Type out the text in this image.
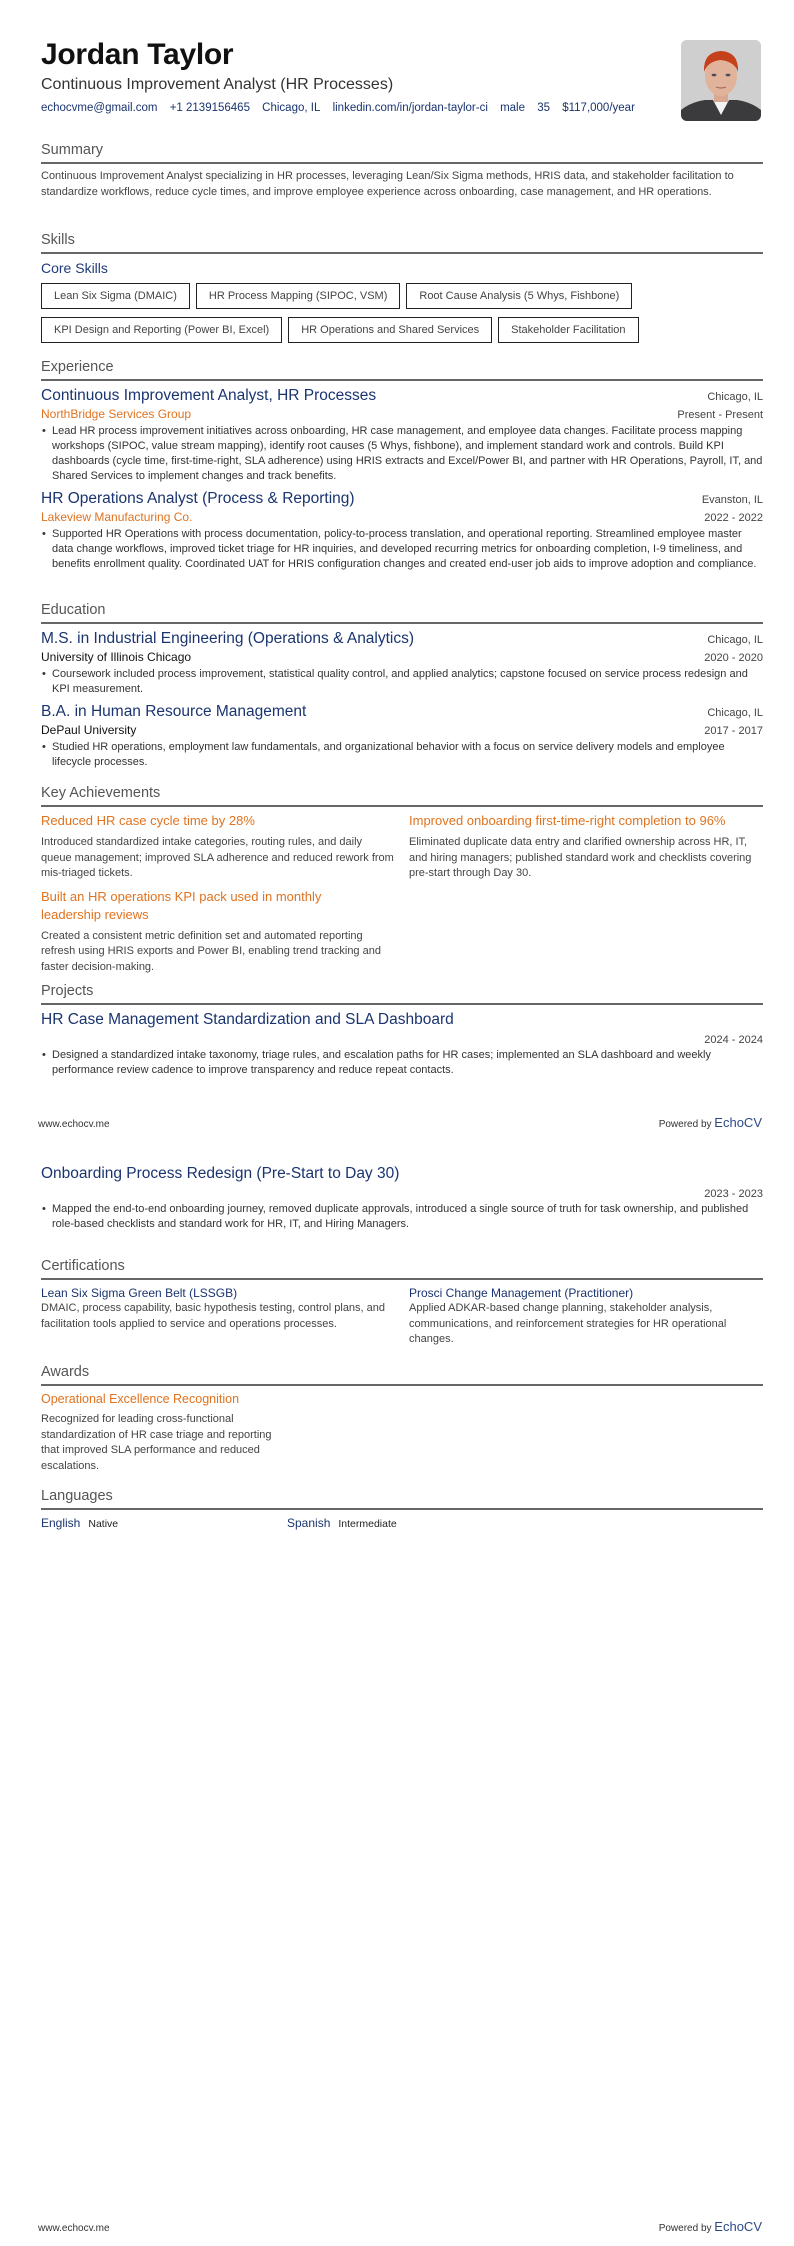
Jordan Taylor
Continuous Improvement Analyst (HR Processes)
echocvme@gmail.com +1 2139156465 Chicago, IL linkedin.com/in/jordan-taylor-ci male 35 $117,000/year
Summary
Continuous Improvement Analyst specializing in HR processes, leveraging Lean/Six Sigma methods, HRIS data, and stakeholder facilitation to standardize workflows, reduce cycle times, and improve employee experience across onboarding, case management, and HR operations.
Skills
Core Skills
Lean Six Sigma (DMAIC)	HR Process Mapping (SIPOC, VSM)	Root Cause Analysis (5 Whys, Fishbone)
KPI Design and Reporting (Power BI, Excel)	HR Operations and Shared Services	Stakeholder Facilitation
Experience
Continuous Improvement Analyst, HR Processes	Chicago, IL
NorthBridge Services Group	Present - Present
• Lead HR process improvement initiatives across onboarding, HR case management, and employee data changes. Facilitate process mapping workshops (SIPOC, value stream mapping), identify root causes (5 Whys, fishbone), and implement standard work and controls. Build KPI dashboards (cycle time, first-time-right, SLA adherence) using HRIS extracts and Excel/Power BI, and partner with HR Operations, Payroll, IT, and Shared Services to implement changes and track benefits.
HR Operations Analyst (Process & Reporting)	Evanston, IL
Lakeview Manufacturing Co.	2022 - 2022
• Supported HR Operations with process documentation, policy-to-process translation, and operational reporting. Streamlined employee master data change workflows, improved ticket triage for HR inquiries, and developed recurring metrics for onboarding completion, I-9 timeliness, and benefits enrollment quality. Coordinated UAT for HRIS configuration changes and created end-user job aids to improve adoption and compliance.
Education
M.S. in Industrial Engineering (Operations & Analytics)	Chicago, IL
University of Illinois Chicago	2020 - 2020
• Coursework included process improvement, statistical quality control, and applied analytics; capstone focused on service process redesign and KPI measurement.
B.A. in Human Resource Management	Chicago, IL
DePaul University	2017 - 2017
• Studied HR operations, employment law fundamentals, and organizational behavior with a focus on service delivery models and employee lifecycle processes.
Key Achievements
Reduced HR case cycle time by 28%
Introduced standardized intake categories, routing rules, and daily queue management; improved SLA adherence and reduced rework from mis-triaged tickets.
Built an HR operations KPI pack used in monthly leadership reviews
Created a consistent metric definition set and automated reporting refresh using HRIS exports and Power BI, enabling trend tracking and faster decision-making.
Improved onboarding first-time-right completion to 96%
Eliminated duplicate data entry and clarified ownership across HR, IT, and hiring managers; published standard work and checklists covering pre-start through Day 30.
Projects
HR Case Management Standardization and SLA Dashboard
2024 - 2024
• Designed a standardized intake taxonomy, triage rules, and escalation paths for HR cases; implemented an SLA dashboard and weekly performance review cadence to improve transparency and reduce repeat contacts.
www.echocv.me	Powered by EchoCV
Onboarding Process Redesign (Pre-Start to Day 30)
2023 - 2023
• Mapped the end-to-end onboarding journey, removed duplicate approvals, introduced a single source of truth for task ownership, and published role-based checklists and standard work for HR, IT, and Hiring Managers.
Certifications
Lean Six Sigma Green Belt (LSSGB)
DMAIC, process capability, basic hypothesis testing, control plans, and facilitation tools applied to service and operations processes.
Prosci Change Management (Practitioner)
Applied ADKAR-based change planning, stakeholder analysis, communications, and reinforcement strategies for HR operational changes.
Awards
Operational Excellence Recognition
Recognized for leading cross-functional standardization of HR case triage and reporting that improved SLA performance and reduced escalations.
Languages
English Native	Spanish Intermediate
www.echocv.me	Powered by EchoCV
